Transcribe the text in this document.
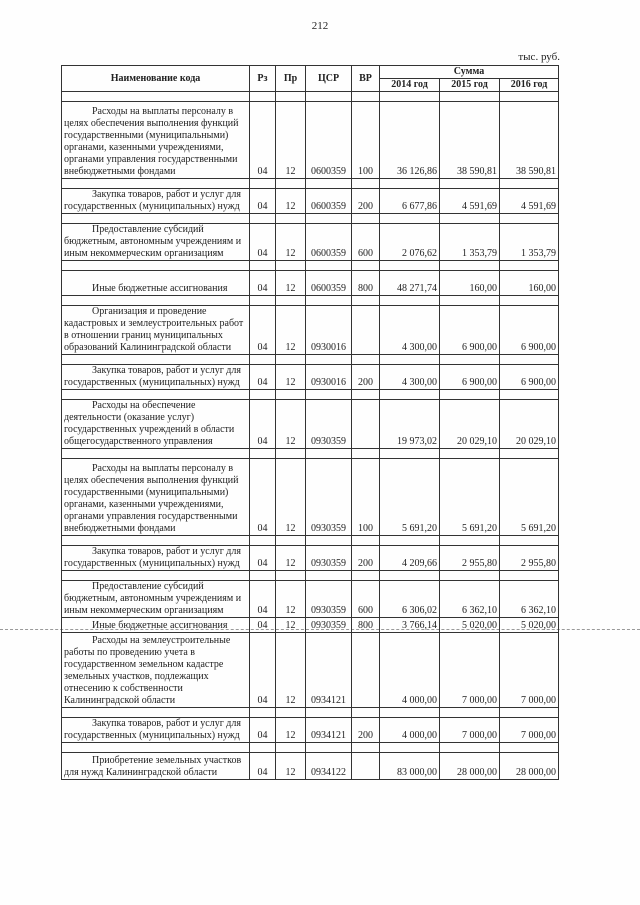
212
тыс. руб.
Наименование кода	Рз	Пр	ЦСР	ВР	Сумма		
					2014 год	2015 год	2016 год

Расходы на выплаты персоналу в целях обеспечения выполнения функций государственными (муниципальными) органами, казенными учреждениями, органами управления государственными внебюджетными фондами	04	12	0600359	100	36 126,86	38 590,81	38 590,81

Закупка товаров, работ и услуг для государственных (муниципальных) нужд	04	12	0600359	200	6 677,86	4 591,69	4 591,69

Предоставление субсидий бюджетным, автономным учреждениям и иным некоммерческим организациям	04	12	0600359	600	2 076,62	1 353,79	1 353,79

Иные бюджетные ассигнования	04	12	0600359	800	48 271,74	160,00	160,00

Организация и проведение кадастровых и землеустроительных работ в отношении границ муниципальных образований Калининградской области	04	12	0930016		4 300,00	6 900,00	6 900,00

Закупка товаров, работ и услуг для государственных (муниципальных) нужд	04	12	0930016	200	4 300,00	6 900,00	6 900,00

Расходы на обеспечение деятельности (оказание услуг) государственных учреждений в области общегосударственного управления	04	12	0930359		19 973,02	20 029,10	20 029,10

Расходы на выплаты персоналу в целях обеспечения выполнения функций государственными (муниципальными) органами, казенными учреждениями, органами управления государственными внебюджетными фондами	04	12	0930359	100	5 691,20	5 691,20	5 691,20

Закупка товаров, работ и услуг для государственных (муниципальных) нужд	04	12	0930359	200	4 209,66	2 955,80	2 955,80

Предоставление субсидий бюджетным, автономным учреждениям и иным некоммерческим организациям	04	12	0930359	600	6 306,02	6 362,10	6 362,10

Иные бюджетные ассигнования	04	12	0930359	800	3 766,14	5 020,00	5 020,00

Расходы на землеустроительные работы по проведению учета в государственном земельном кадастре земельных участков, подлежащих отнесению к собственности Калининградской области	04	12	0934121		4 000,00	7 000,00	7 000,00

Закупка товаров, работ и услуг для государственных (муниципальных) нужд	04	12	0934121	200	4 000,00	7 000,00	7 000,00

Приобретение земельных участков для нужд Калининградской области	04	12	0934122		83 000,00	28 000,00	28 000,00
